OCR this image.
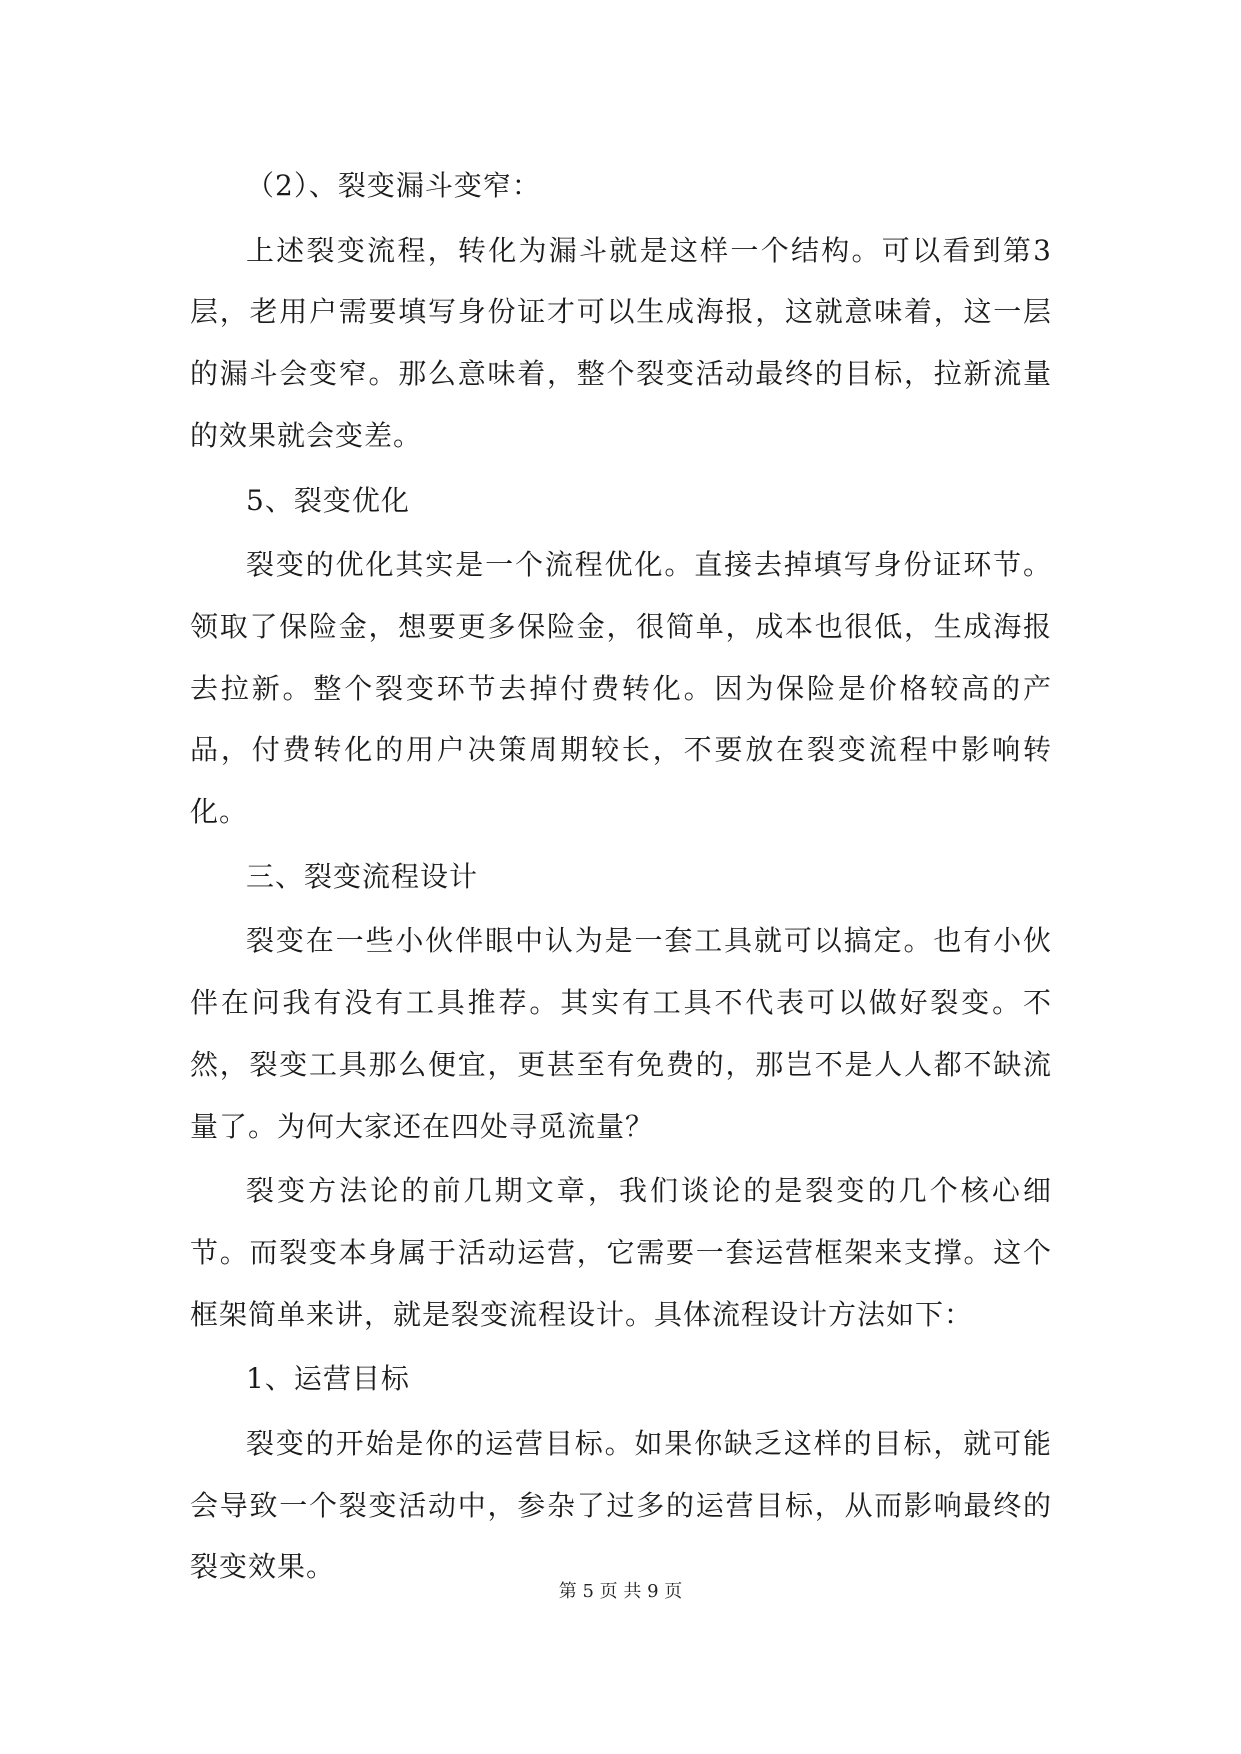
（2）、裂变漏斗变窄：

上述裂变流程，转化为漏斗就是这样一个结构。可以看到第3层，老用户需要填写身份证才可以生成海报，这就意味着，这一层的漏斗会变窄。那么意味着，整个裂变活动最终的目标，拉新流量的效果就会变差。

5、裂变优化

裂变的优化其实是一个流程优化。直接去掉填写身份证环节。领取了保险金，想要更多保险金，很简单，成本也很低，生成海报去拉新。整个裂变环节去掉付费转化。因为保险是价格较高的产品，付费转化的用户决策周期较长，不要放在裂变流程中影响转化。

三、裂变流程设计

裂变在一些小伙伴眼中认为是一套工具就可以搞定。也有小伙伴在问我有没有工具推荐。其实有工具不代表可以做好裂变。不然，裂变工具那么便宜，更甚至有免费的，那岂不是人人都不缺流量了。为何大家还在四处寻觅流量？

裂变方法论的前几期文章，我们谈论的是裂变的几个核心细节。而裂变本身属于活动运营，它需要一套运营框架来支撑。这个框架简单来讲，就是裂变流程设计。具体流程设计方法如下：

1、运营目标

裂变的开始是你的运营目标。如果你缺乏这样的目标，就可能会导致一个裂变活动中，参杂了过多的运营目标，从而影响最终的裂变效果。

第 5 页 共 9 页
